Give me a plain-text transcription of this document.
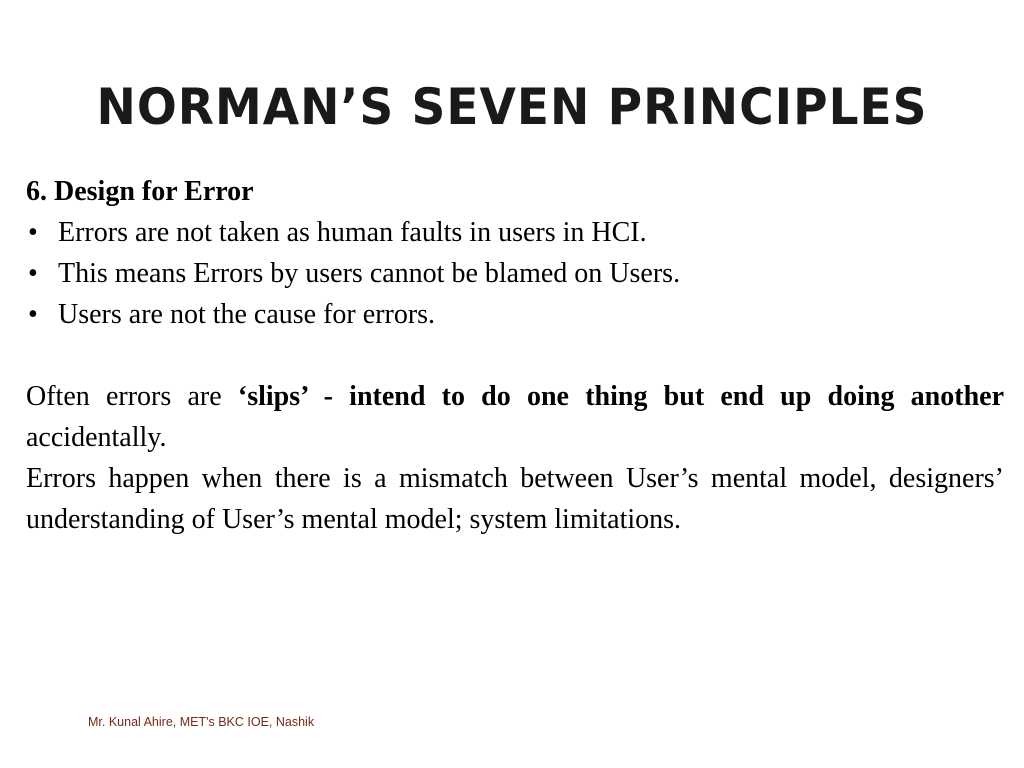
NORMAN’S SEVEN PRINCIPLES

6. Design for Error

• Errors are not taken as human faults in users in HCI.
• This means Errors by users cannot be blamed on Users.
• Users are not the cause for errors.

Often errors are ‘slips’ - intend to do one thing but end up doing another accidentally.

Errors happen when there is a mismatch between User’s mental model, designers’ understanding of User’s mental model; system limitations.

Mr. Kunal Ahire, MET's BKC IOE, Nashik
